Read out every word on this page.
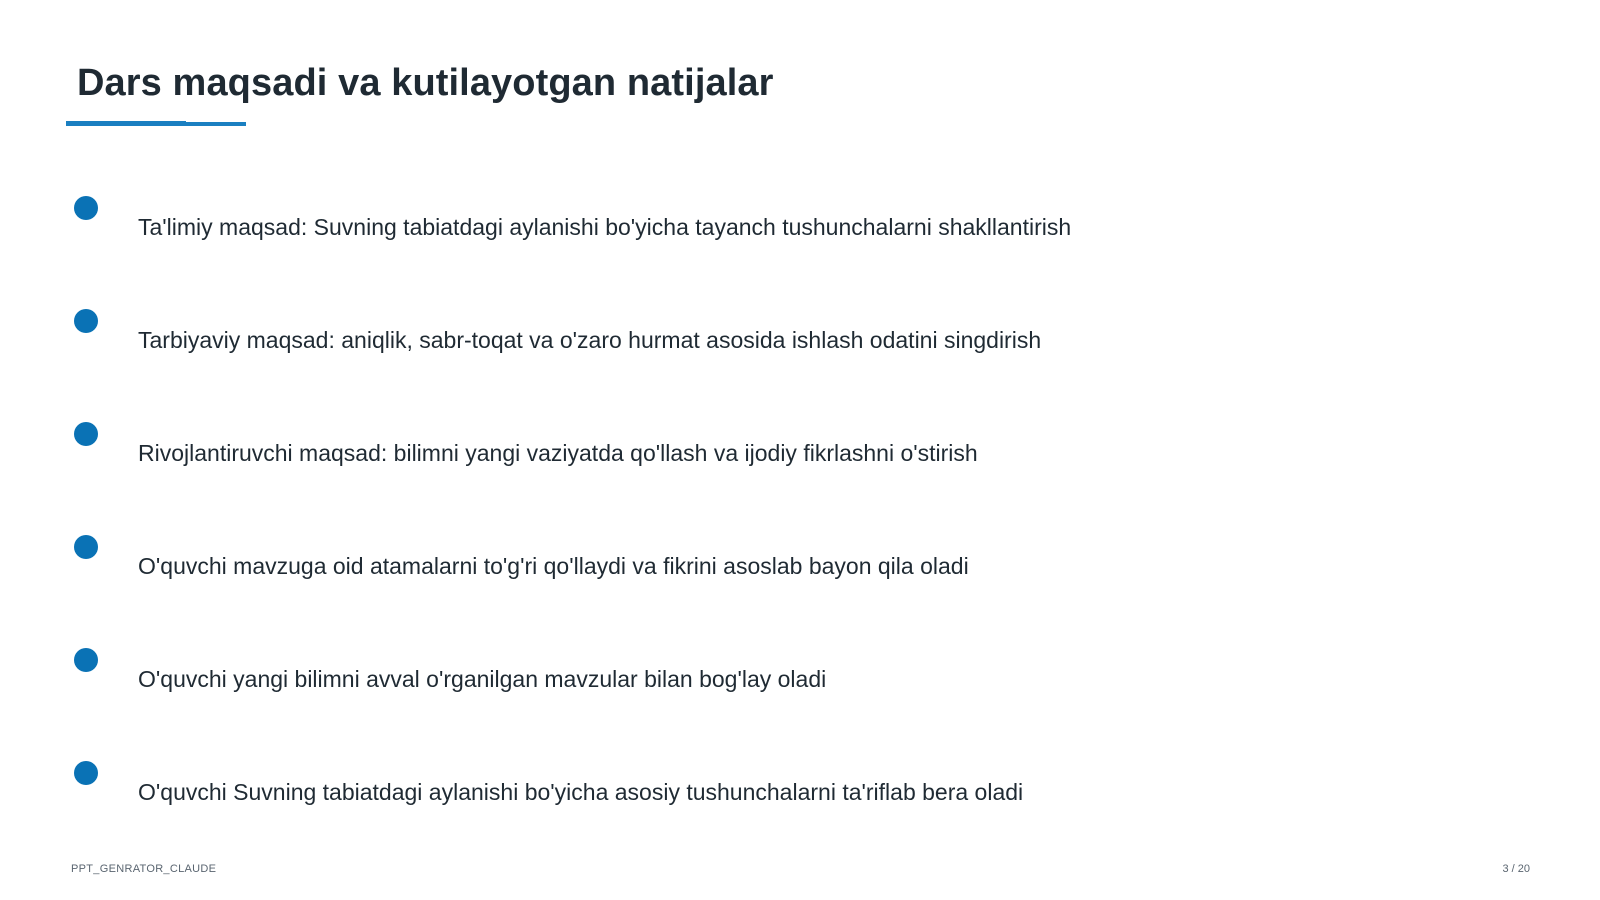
Dars maqsadi va kutilayotgan natijalar
Ta'limiy maqsad: Suvning tabiatdagi aylanishi bo'yicha tayanch tushunchalarni shakllantirish
Tarbiyaviy maqsad: aniqlik, sabr-toqat va o'zaro hurmat asosida ishlash odatini singdirish
Rivojlantiruvchi maqsad: bilimni yangi vaziyatda qo'llash va ijodiy fikrlashni o'stirish
O'quvchi mavzuga oid atamalarni to'g'ri qo'llaydi va fikrini asoslab bayon qila oladi
O'quvchi yangi bilimni avval o'rganilgan mavzular bilan bog'lay oladi
O'quvchi Suvning tabiatdagi aylanishi bo'yicha asosiy tushunchalarni ta'riflab bera oladi
PPT_GENRATOR_CLAUDE	3 / 20
